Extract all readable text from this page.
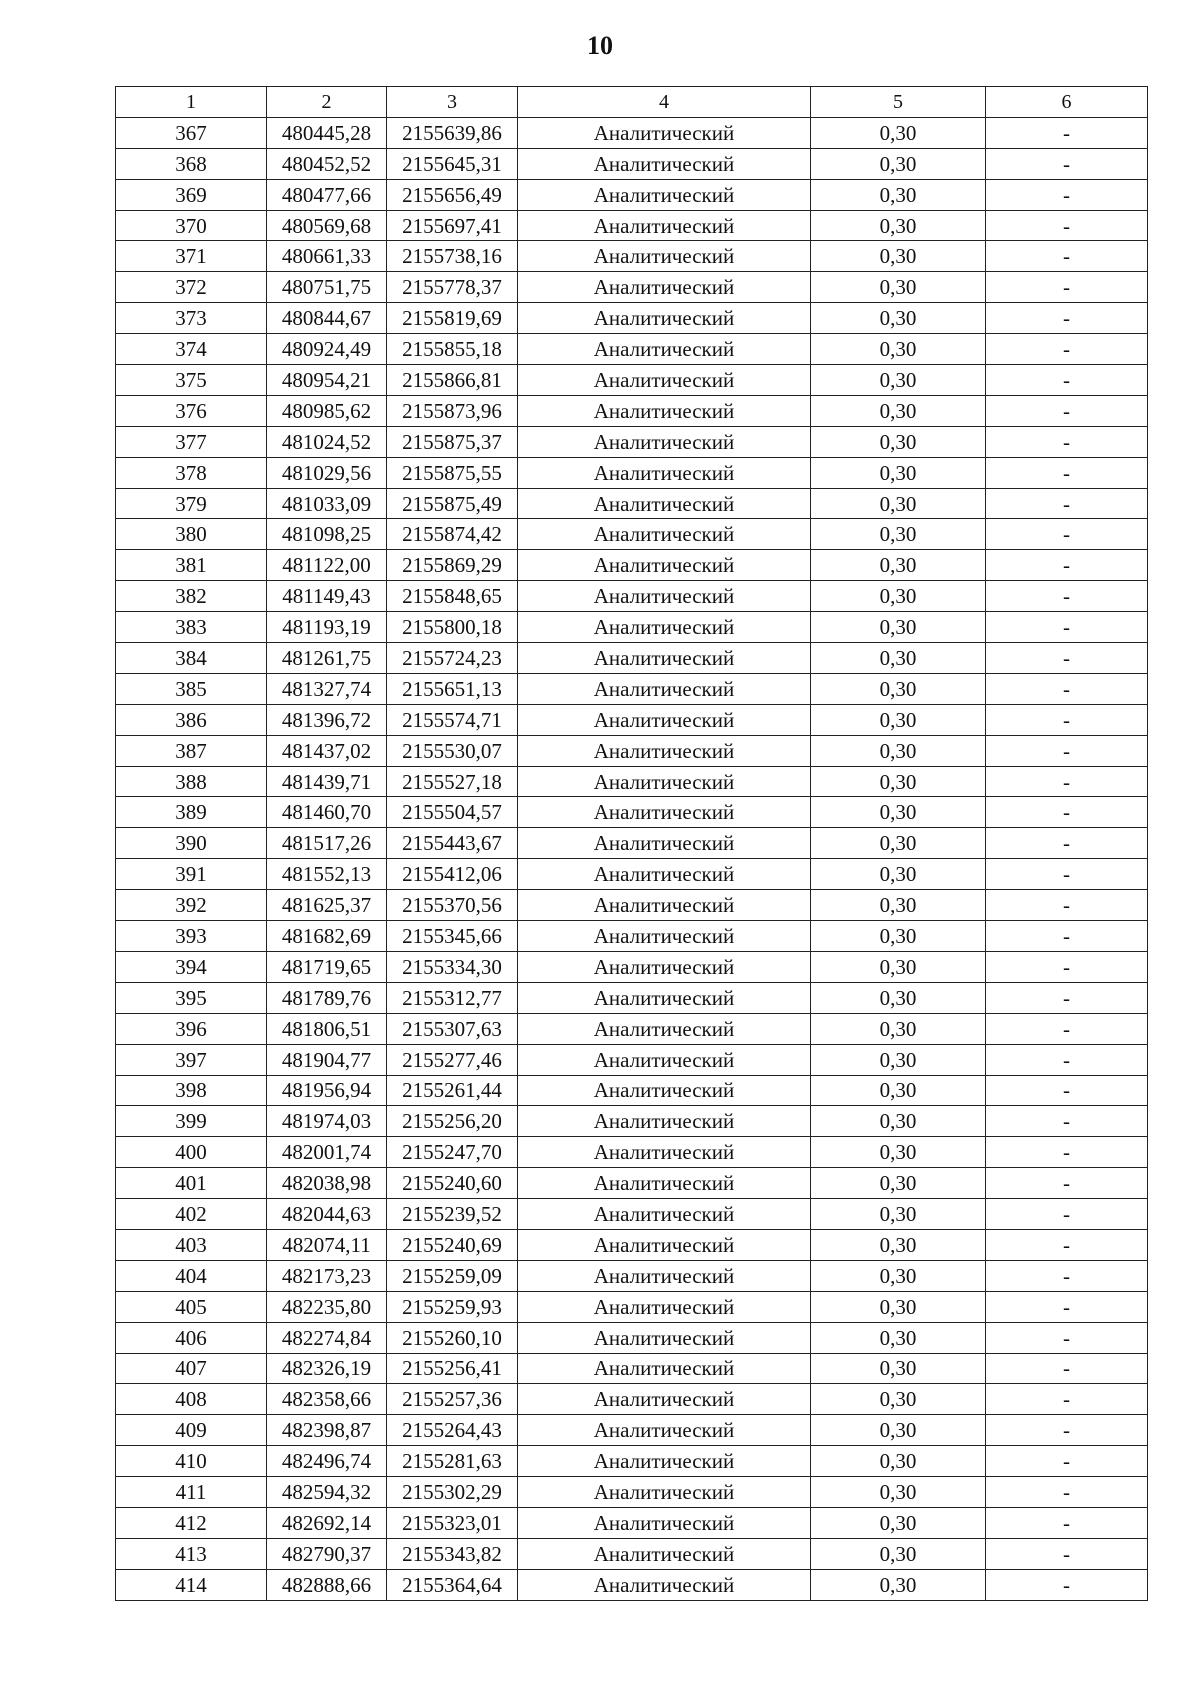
10
1	2	3	4	5	6
367	480445,28	2155639,86	Аналитический	0,30	-
368	480452,52	2155645,31	Аналитический	0,30	-
369	480477,66	2155656,49	Аналитический	0,30	-
370	480569,68	2155697,41	Аналитический	0,30	-
371	480661,33	2155738,16	Аналитический	0,30	-
372	480751,75	2155778,37	Аналитический	0,30	-
373	480844,67	2155819,69	Аналитический	0,30	-
374	480924,49	2155855,18	Аналитический	0,30	-
375	480954,21	2155866,81	Аналитический	0,30	-
376	480985,62	2155873,96	Аналитический	0,30	-
377	481024,52	2155875,37	Аналитический	0,30	-
378	481029,56	2155875,55	Аналитический	0,30	-
379	481033,09	2155875,49	Аналитический	0,30	-
380	481098,25	2155874,42	Аналитический	0,30	-
381	481122,00	2155869,29	Аналитический	0,30	-
382	481149,43	2155848,65	Аналитический	0,30	-
383	481193,19	2155800,18	Аналитический	0,30	-
384	481261,75	2155724,23	Аналитический	0,30	-
385	481327,74	2155651,13	Аналитический	0,30	-
386	481396,72	2155574,71	Аналитический	0,30	-
387	481437,02	2155530,07	Аналитический	0,30	-
388	481439,71	2155527,18	Аналитический	0,30	-
389	481460,70	2155504,57	Аналитический	0,30	-
390	481517,26	2155443,67	Аналитический	0,30	-
391	481552,13	2155412,06	Аналитический	0,30	-
392	481625,37	2155370,56	Аналитический	0,30	-
393	481682,69	2155345,66	Аналитический	0,30	-
394	481719,65	2155334,30	Аналитический	0,30	-
395	481789,76	2155312,77	Аналитический	0,30	-
396	481806,51	2155307,63	Аналитический	0,30	-
397	481904,77	2155277,46	Аналитический	0,30	-
398	481956,94	2155261,44	Аналитический	0,30	-
399	481974,03	2155256,20	Аналитический	0,30	-
400	482001,74	2155247,70	Аналитический	0,30	-
401	482038,98	2155240,60	Аналитический	0,30	-
402	482044,63	2155239,52	Аналитический	0,30	-
403	482074,11	2155240,69	Аналитический	0,30	-
404	482173,23	2155259,09	Аналитический	0,30	-
405	482235,80	2155259,93	Аналитический	0,30	-
406	482274,84	2155260,10	Аналитический	0,30	-
407	482326,19	2155256,41	Аналитический	0,30	-
408	482358,66	2155257,36	Аналитический	0,30	-
409	482398,87	2155264,43	Аналитический	0,30	-
410	482496,74	2155281,63	Аналитический	0,30	-
411	482594,32	2155302,29	Аналитический	0,30	-
412	482692,14	2155323,01	Аналитический	0,30	-
413	482790,37	2155343,82	Аналитический	0,30	-
414	482888,66	2155364,64	Аналитический	0,30	-
